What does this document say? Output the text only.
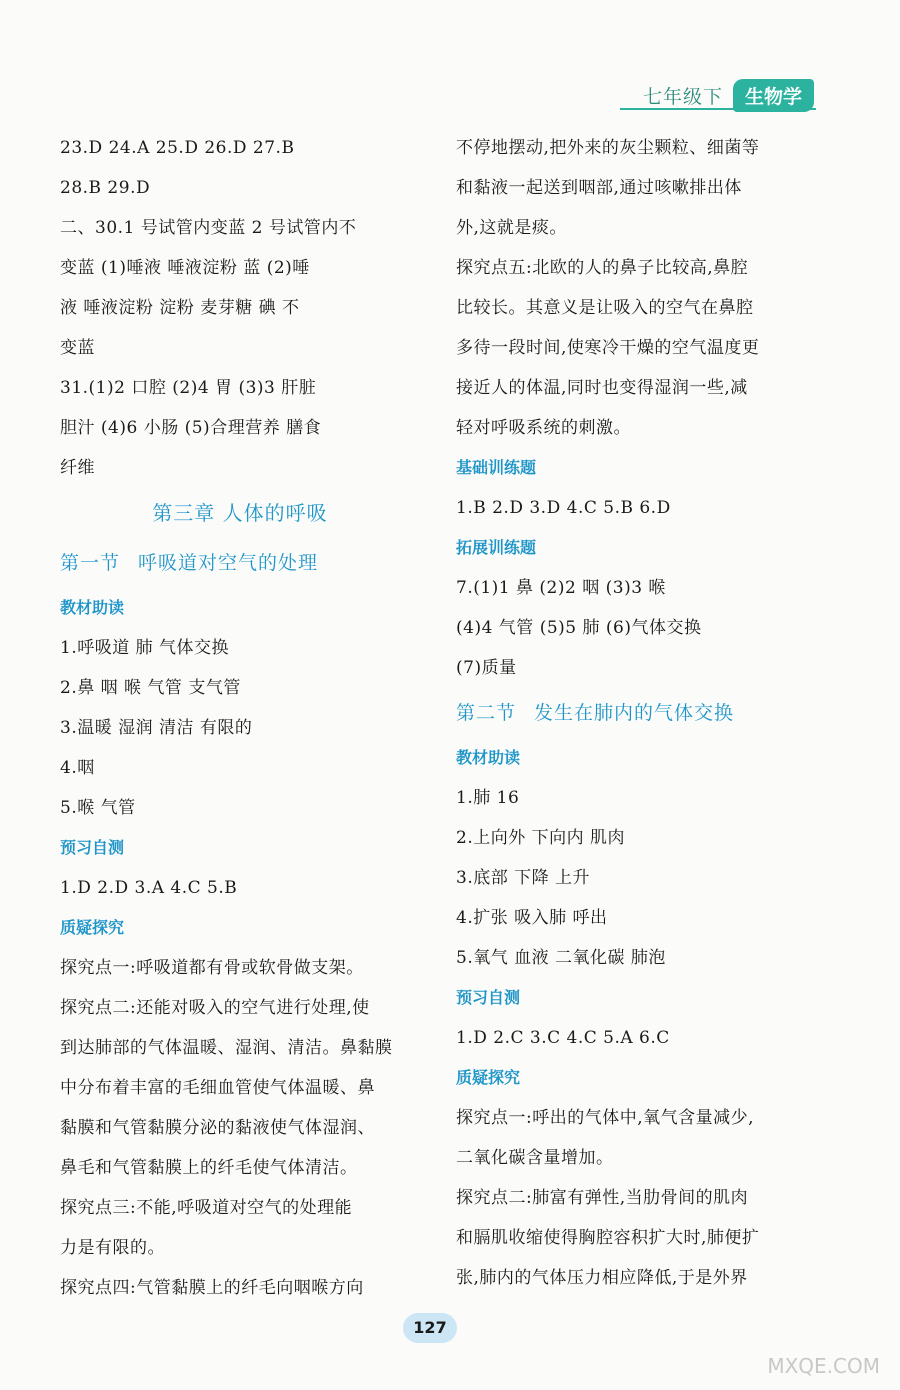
七年级下	生物学
23.D 24.A 25.D 26.D 27.B
28.B 29.D
二、30.1 号试管内变蓝 2 号试管内不
变蓝 (1)唾液 唾液淀粉 蓝 (2)唾
液 唾液淀粉 淀粉 麦芽糖 碘 不
变蓝
31.(1)2 口腔 (2)4 胃 (3)3 肝脏
胆汁 (4)6 小肠 (5)合理营养 膳食
纤维
第三章 人体的呼吸
第一节 呼吸道对空气的处理
教材助读
1.呼吸道 肺 气体交换
2.鼻 咽 喉 气管 支气管
3.温暖 湿润 清洁 有限的
4.咽
5.喉 气管
预习自测
1.D 2.D 3.A 4.C 5.B
质疑探究
探究点一:呼吸道都有骨或软骨做支架。
探究点二:还能对吸入的空气进行处理,使
到达肺部的气体温暖、湿润、清洁。鼻黏膜
中分布着丰富的毛细血管使气体温暖、鼻
黏膜和气管黏膜分泌的黏液使气体湿润、
鼻毛和气管黏膜上的纤毛使气体清洁。
探究点三:不能,呼吸道对空气的处理能
力是有限的。
探究点四:气管黏膜上的纤毛向咽喉方向
不停地摆动,把外来的灰尘颗粒、细菌等
和黏液一起送到咽部,通过咳嗽排出体
外,这就是痰。
探究点五:北欧的人的鼻子比较高,鼻腔
比较长。其意义是让吸入的空气在鼻腔
多待一段时间,使寒冷干燥的空气温度更
接近人的体温,同时也变得湿润一些,减
轻对呼吸系统的刺激。
基础训练题
1.B 2.D 3.D 4.C 5.B 6.D
拓展训练题
7.(1)1 鼻 (2)2 咽 (3)3 喉
(4)4 气管 (5)5 肺 (6)气体交换
(7)质量
第二节 发生在肺内的气体交换
教材助读
1.肺 16
2.上向外 下向内 肌肉
3.底部 下降 上升
4.扩张 吸入肺 呼出
5.氧气 血液 二氧化碳 肺泡
预习自测
1.D 2.C 3.C 4.C 5.A 6.C
质疑探究
探究点一:呼出的气体中,氧气含量减少,
二氧化碳含量增加。
探究点二:肺富有弹性,当肋骨间的肌肉
和膈肌收缩使得胸腔容积扩大时,肺便扩
张,肺内的气体压力相应降低,于是外界
127
MXQE.COM
